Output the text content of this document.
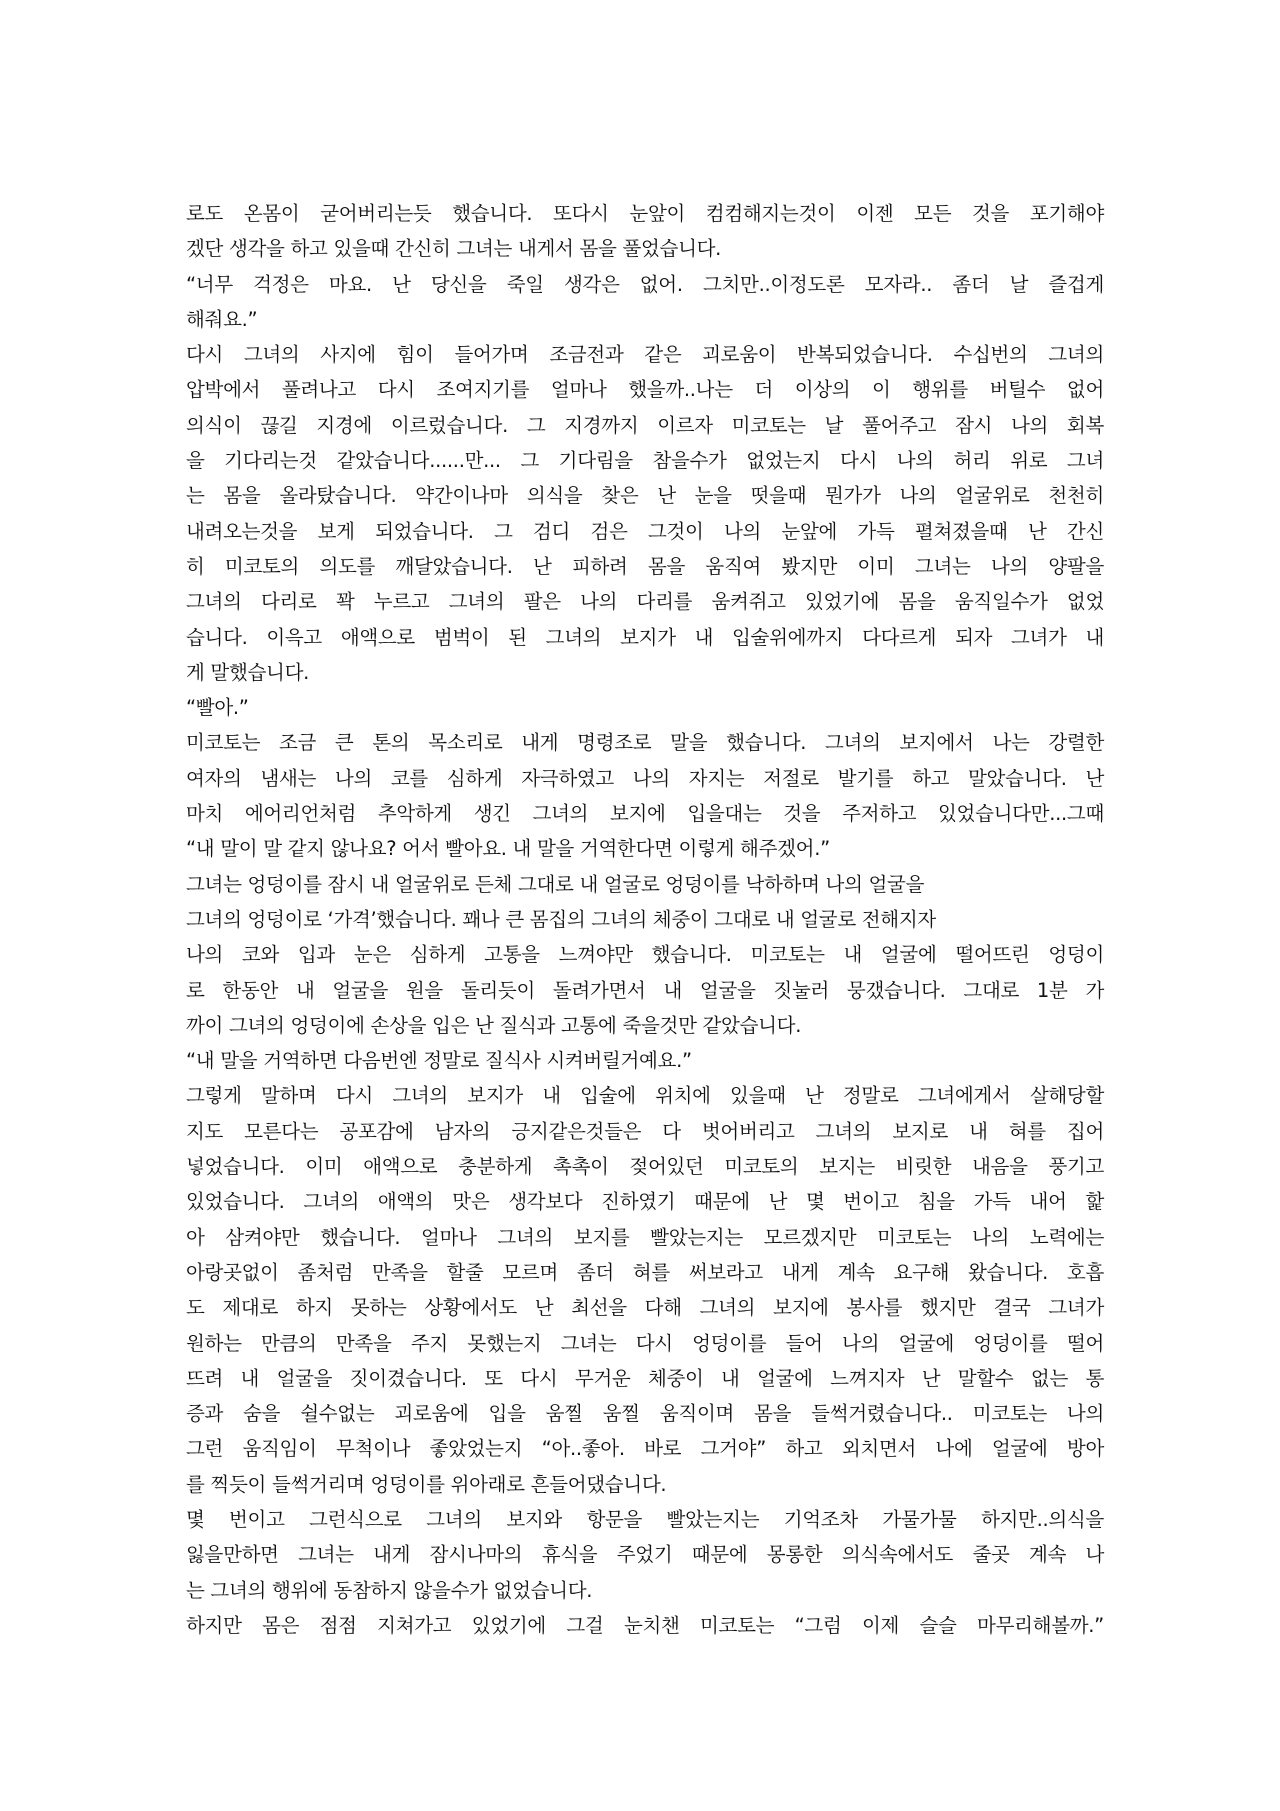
로도 온몸이 굳어버리는듯 했습니다. 또다시 눈앞이 컴컴해지는것이 이젠 모든 것을 포기해야
겠단 생각을 하고 있을때 간신히 그녀는 내게서 몸을 풀었습니다.
“너무 걱정은 마요. 난 당신을 죽일 생각은 없어. 그치만..이정도론 모자라.. 좀더 날 즐겁게
해줘요.”
다시 그녀의 사지에 힘이 들어가며 조금전과 같은 괴로움이 반복되었습니다. 수십번의 그녀의
압박에서 풀려나고 다시 조여지기를 얼마나 했을까..나는 더 이상의 이 행위를 버틸수 없어
의식이 끊길 지경에 이르렀습니다. 그 지경까지 이르자 미코토는 날 풀어주고 잠시 나의 회복
을 기다리는것 같았습니다......만... 그 기다림을 참을수가 없었는지 다시 나의 허리 위로 그녀
는 몸을 올라탔습니다. 약간이나마 의식을 찾은 난 눈을 떳을때 뭔가가 나의 얼굴위로 천천히
내려오는것을 보게 되었습니다. 그 검디 검은 그것이 나의 눈앞에 가득 펼쳐졌을때 난 간신
히 미코토의 의도를 깨달았습니다. 난 피하려 몸을 움직여 봤지만 이미 그녀는 나의 양팔을
그녀의 다리로 꽉 누르고 그녀의 팔은 나의 다리를 움켜쥐고 있었기에 몸을 움직일수가 없었
습니다. 이윽고 애액으로 범벅이 된 그녀의 보지가 내 입술위에까지 다다르게 되자 그녀가 내
게 말했습니다.
“빨아.”
미코토는 조금 큰 톤의 목소리로 내게 명령조로 말을 했습니다. 그녀의 보지에서 나는 강렬한
여자의 냄새는 나의 코를 심하게 자극하였고 나의 자지는 저절로 발기를 하고 말았습니다. 난
마치 에어리언처럼 추악하게 생긴 그녀의 보지에 입을대는 것을 주저하고 있었습니다만...그때
“내 말이 말 같지 않나요? 어서 빨아요. 내 말을 거역한다면 이렇게 해주겠어.”
그녀는 엉덩이를 잠시 내 얼굴위로 든체 그대로 내 얼굴로 엉덩이를 낙하하며 나의 얼굴을
그녀의 엉덩이로 ‘가격’했습니다. 꽤나 큰 몸집의 그녀의 체중이 그대로 내 얼굴로 전해지자
나의 코와 입과 눈은 심하게 고통을 느껴야만 했습니다. 미코토는 내 얼굴에 떨어뜨린 엉덩이
로 한동안 내 얼굴을 원을 돌리듯이 돌려가면서 내 얼굴을 짓눌러 뭉갰습니다. 그대로 1분 가
까이 그녀의 엉덩이에 손상을 입은 난 질식과 고통에 죽을것만 같았습니다.
“내 말을 거역하면 다음번엔 정말로 질식사 시켜버릴거예요.”
그렇게 말하며 다시 그녀의 보지가 내 입술에 위치에 있을때 난 정말로 그녀에게서 살해당할
지도 모른다는 공포감에 남자의 긍지같은것들은 다 벗어버리고 그녀의 보지로 내 혀를 집어
넣었습니다. 이미 애액으로 충분하게 촉촉이 젖어있던 미코토의 보지는 비릿한 내음을 풍기고
있었습니다. 그녀의 애액의 맛은 생각보다 진하였기 때문에 난 몇 번이고 침을 가득 내어 핥
아 삼켜야만 했습니다. 얼마나 그녀의 보지를 빨았는지는 모르겠지만 미코토는 나의 노력에는
아랑곳없이 좀처럼 만족을 할줄 모르며 좀더 혀를 써보라고 내게 계속 요구해 왔습니다. 호흡
도 제대로 하지 못하는 상황에서도 난 최선을 다해 그녀의 보지에 봉사를 했지만 결국 그녀가
원하는 만큼의 만족을 주지 못했는지 그녀는 다시 엉덩이를 들어 나의 얼굴에 엉덩이를 떨어
뜨려 내 얼굴을 짓이겼습니다. 또 다시 무거운 체중이 내 얼굴에 느껴지자 난 말할수 없는 통
증과 숨을 쉴수없는 괴로움에 입을 움찔 움찔 움직이며 몸을 들썩거렸습니다.. 미코토는 나의
그런 움직임이 무척이나 좋았었는지 “아..좋아. 바로 그거야” 하고 외치면서 나에 얼굴에 방아
를 찍듯이 들썩거리며 엉덩이를 위아래로 흔들어댔습니다.
몇 번이고 그런식으로 그녀의 보지와 항문을 빨았는지는 기억조차 가물가물 하지만..의식을
잃을만하면 그녀는 내게 잠시나마의 휴식을 주었기 때문에 몽롱한 의식속에서도 줄곳 계속 나
는 그녀의 행위에 동참하지 않을수가 없었습니다.
하지만 몸은 점점 지쳐가고 있었기에 그걸 눈치챈 미코토는 “그럼 이제 슬슬 마무리해볼까.”
